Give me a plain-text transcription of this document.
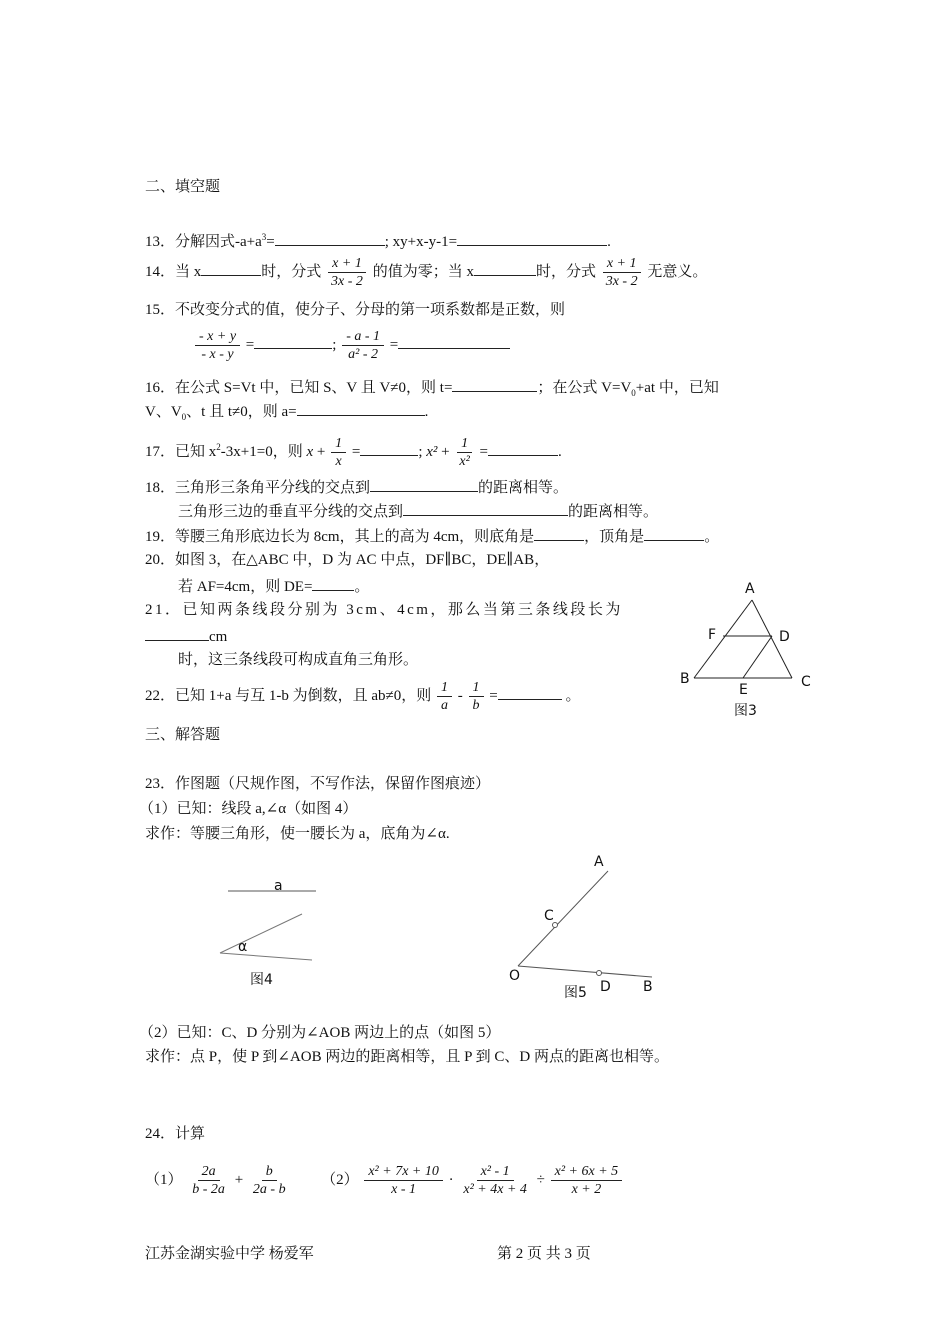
二、填空题
13．分解因式$-a+a^3=$	; xy+x-y-1=	.
14．当 x	时，分式 $\frac{x + 1}{3x - 2}$ 的值为零；当 x	时，分式 $\frac{x + 1}{3x - 2}$ 无意义。
15．不改变分式的值，使分子、分母的第一项系数都是正数，则
$\frac{- x + y}{- x - y}$ =	; $\frac{- a - 1}{\text{a² - 2}}$ =
16．在公式 S=Vt 中，已知 S、V 且 V≠0，则 t=	；在公式 $V=V_0+at$ 中，已知
V、$V_0$、t 且 t≠0，则 a=	.
17．已知 $x^2-3x+1=0$，则 $x + \frac{1}{x}$ =	; $x^2 + \frac{1}{\text{x²}}$ =	.
18．三角形三条角平分线的交点到	的距离相等。
三角形三边的垂直平分线的交点到	的距离相等。
19．等腰三角形底边长为 8cm，其上的高为 4cm，则底角是	，顶角是	。
20．如图 3，在△ABC 中，D 为 AC 中点，DF∥BC，DE∥AB，
若 AF=4cm，则 DE=	。
21．已知两条线段分别为 3cm、4cm，那么当第三条线段长为
cm
时，这三条线段可构成直角三角形。
22．已知 1+a 与互 1-b 为倒数，且 ab≠0，则 $\frac{1}{a} - \frac{1}{b}$ =	。
A
F	D
B
E	C
图3
三、解答题
23．作图题（尺规作图，不写作法，保留作图痕迹）
（1）已知：线段 a,∠α（如图 4）
求作：等腰三角形，使一腰长为 a，底角为∠α.
a
α
图4
A
C
O
D B
图5
（2）已知：C、D 分别为∠AOB 两边上的点（如图 5）
求作：点 P，使 P 到∠AOB 两边的距离相等，且 P 到 C、D 两点的距离也相等。
24．计算
$(1) \frac{2a}{b - 2a} + \frac{b}{2a - b} (2) \frac{\text{x² + 7x + 10}}{x - 1} \cdot \frac{\text{x² - 1}}{\text{x² + 4x + 4}} \div \frac{\text{x² + 6x + 5}}{x + 2}$
江苏金湖实验中学 杨爱军	第 2 页 共 3 页
